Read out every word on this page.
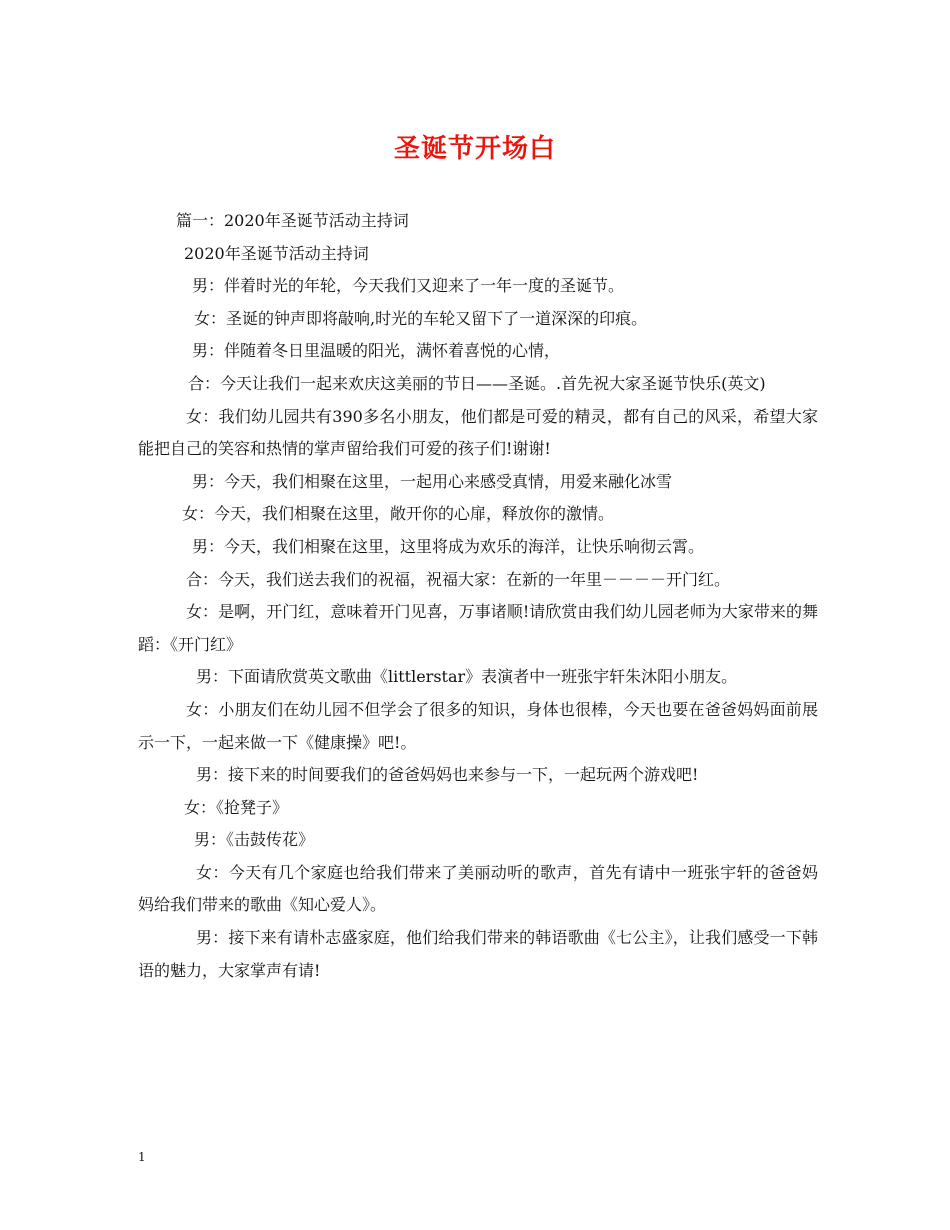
圣诞节开场白

篇一：2020年圣诞节活动主持词

2020年圣诞节活动主持词

男：伴着时光的年轮，今天我们又迎来了一年一度的圣诞节。

女：圣诞的钟声即将敲响,时光的车轮又留下了一道深深的印痕。

男：伴随着冬日里温暖的阳光，满怀着喜悦的心情，

合：今天让我们一起来欢庆这美丽的节日——圣诞。.首先祝大家圣诞节快乐(英文)

女：我们幼儿园共有390多名小朋友，他们都是可爱的精灵，都有自己的风采，希望大家能把自己的笑容和热情的掌声留给我们可爱的孩子们!谢谢!

男：今天，我们相聚在这里，一起用心来感受真情，用爱来融化冰雪

女：今天，我们相聚在这里，敞开你的心扉，释放你的激情。

男：今天，我们相聚在这里，这里将成为欢乐的海洋，让快乐响彻云霄。

合：今天，我们送去我们的祝福，祝福大家：在新的一年里－－－－开门红。

女：是啊，开门红，意味着开门见喜，万事诸顺!请欣赏由我们幼儿园老师为大家带来的舞蹈：《开门红》

男：下面请欣赏英文歌曲《littlerstar》表演者中一班张宇轩朱沐阳小朋友。

女：小朋友们在幼儿园不但学会了很多的知识，身体也很棒，今天也要在爸爸妈妈面前展示一下，一起来做一下《健康操》吧!。

男：接下来的时间要我们的爸爸妈妈也来参与一下，一起玩两个游戏吧!

女：《抢凳子》

男：《击鼓传花》

女：今天有几个家庭也给我们带来了美丽动听的歌声，首先有请中一班张宇轩的爸爸妈妈给我们带来的歌曲《知心爱人》。

男：接下来有请朴志盛家庭，他们给我们带来的韩语歌曲《七公主》，让我们感受一下韩语的魅力，大家掌声有请!

1
